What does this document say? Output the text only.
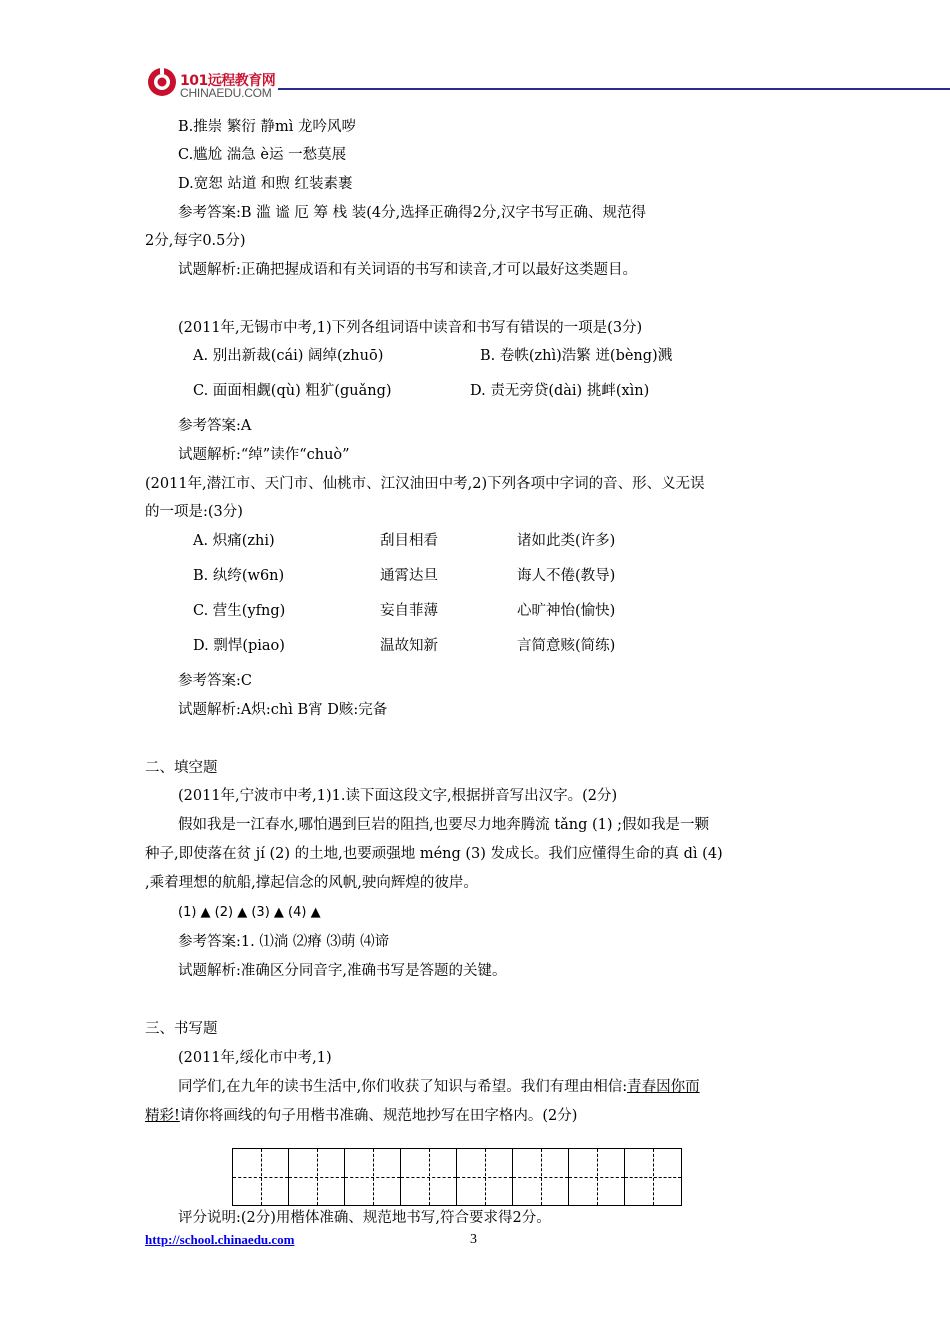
101远程教育网
CHINAEDU.COM
B.推崇 繁衍 静mì 龙吟风哕
C.尴尬 湍急 è运 一愁莫展
D.宽恕 站道 和煦 红装素裹
参考答案:B 滥 谧 厄 筹 栈 装(4分,选择正确得2分,汉字书写正确、规范得
2分,每字0.5分)
试题解析:正确把握成语和有关词语的书写和读音,才可以最好这类题目。
(2011年,无锡市中考,1)下列各组词语中读音和书写有错误的一项是(3分)
A. 别出新裁(cái) 阔绰(zhuō)	B. 卷帙(zhì)浩繁 迸(bèng)溅
C. 面面相觑(qù) 粗犷(guǎng)	D. 责无旁贷(dài) 挑衅(xìn)
参考答案:A
试题解析:“绰”读作“chuò”
(2011年,潜江市、天门市、仙桃市、江汉油田中考,2)下列各项中字词的音、形、义无误
的一项是:(3分)
A. 炽痛(zhi)	刮目相看	诸如此类(许多)
B. 纨绔(w6n)	通霄达旦	诲人不倦(教导)
C. 营生(yfng)	妄自菲薄	心旷神怡(愉快)
D. 剽悍(piao)	温故知新	言简意赅(简练)
参考答案:C
试题解析:A炽:chì B宵 D赅:完备
二、填空题
(2011年,宁波市中考,1)1.读下面这段文字,根据拼音写出汉字。(2分)
假如我是一江春水,哪怕遇到巨岩的阻挡,也要尽力地奔腾流 tǎng (1) ;假如我是一颗
种子,即使落在贫 jí (2) 的土地,也要顽强地 méng (3) 发成长。我们应懂得生命的真 dì (4)
,乘着理想的航船,撑起信念的风帆,驶向辉煌的彼岸。
(1) ▲ (2) ▲ (3) ▲ (4) ▲
参考答案:1. ⑴淌 ⑵瘠 ⑶萌 ⑷谛
试题解析:准确区分同音字,准确书写是答题的关键。
三、书写题
(2011年,绥化市中考,1)
同学们,在九年的读书生活中,你们收获了知识与希望。我们有理由相信:青春因你而
精彩!请你将画线的句子用楷书准确、规范地抄写在田字格内。(2分)
评分说明:(2分)用楷体准确、规范地书写,符合要求得2分。
http://school.chinaedu.com	3
